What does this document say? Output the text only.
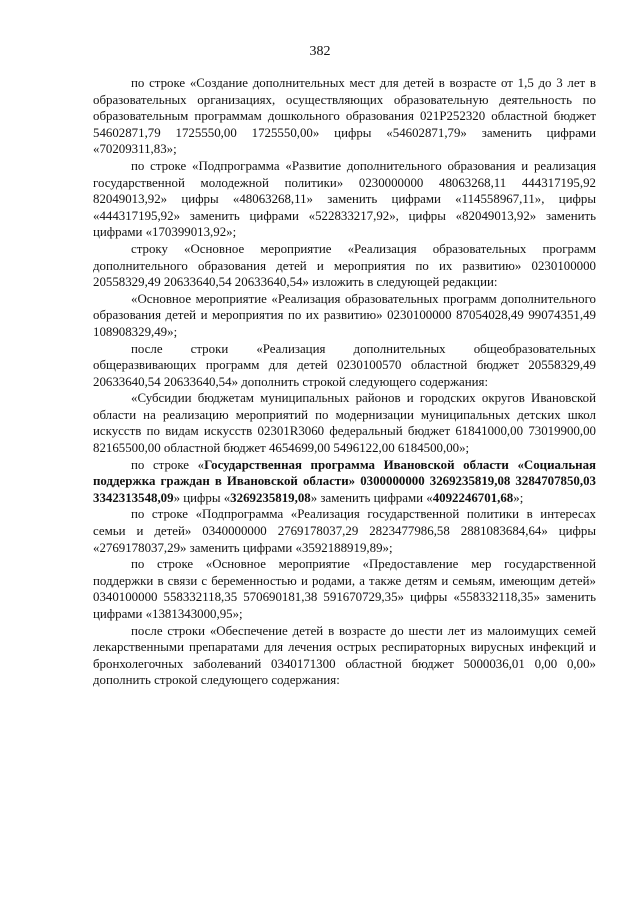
382

по строке «Создание дополнительных мест для детей в возрасте от 1,5 до 3 лет в образовательных организациях, осуществляющих образовательную деятельность по образовательным программам дошкольного образования 021P252320 областной бюджет 54602871,79 1725550,00 1725550,00» цифры «54602871,79» заменить цифрами «70209311,83»;

по строке «Подпрограмма «Развитие дополнительного образования и реализация государственной молодежной политики» 0230000000 48063268,11 444317195,92 82049013,92» цифры «48063268,11» заменить цифрами «114558967,11», цифры «444317195,92» заменить цифрами «522833217,92», цифры «82049013,92» заменить цифрами «170399013,92»;

строку «Основное мероприятие «Реализация образовательных программ дополнительного образования детей и мероприятия по их развитию» 0230100000 20558329,49 20633640,54 20633640,54» изложить в следующей редакции:

«Основное мероприятие «Реализация образовательных программ дополнительного образования детей и мероприятия по их развитию» 0230100000 87054028,49 99074351,49 108908329,49»;

после строки «Реализация дополнительных общеобразовательных общеразвивающих программ для детей 0230100570 областной бюджет 20558329,49 20633640,54 20633640,54» дополнить строкой следующего содержания:

«Субсидии бюджетам муниципальных районов и городских округов Ивановской области на реализацию мероприятий по модернизации муниципальных детских школ искусств по видам искусств 02301R3060 федеральный бюджет 61841000,00 73019900,00 82165500,00 областной бюджет 4654699,00 5496122,00 6184500,00»;

по строке «Государственная программа Ивановской области «Социальная поддержка граждан в Ивановской области» 0300000000 3269235819,08 3284707850,03 3342313548,09» цифры «3269235819,08» заменить цифрами «4092246701,68»;

по строке «Подпрограмма «Реализация государственной политики в интересах семьи и детей» 0340000000 2769178037,29 2823477986,58 2881083684,64» цифры «2769178037,29» заменить цифрами «3592188919,89»;

по строке «Основное мероприятие «Предоставление мер государственной поддержки в связи с беременностью и родами, а также детям и семьям, имеющим детей» 0340100000 558332118,35 570690181,38 591670729,35» цифры «558332118,35» заменить цифрами «1381343000,95»;

после строки «Обеспечение детей в возрасте до шести лет из малоимущих семей лекарственными препаратами для лечения острых респираторных вирусных инфекций и бронхолегочных заболеваний 0340171300 областной бюджет 5000036,01 0,00 0,00» дополнить строкой следующего содержания:
